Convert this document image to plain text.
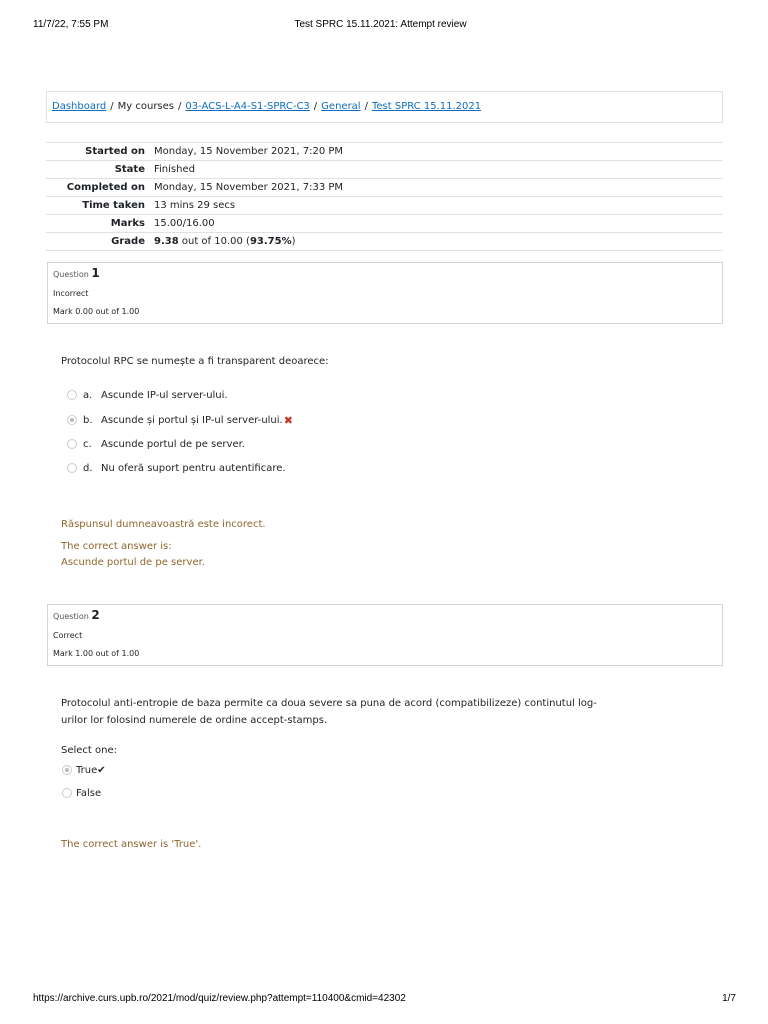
11/7/22, 7:55 PM	Test SPRC 15.11.2021: Attempt review
Dashboard / My courses / 03-ACS-L-A4-S1-SPRC-C3 / General / Test SPRC 15.11.2021
Started on	Monday, 15 November 2021, 7:20 PM
State	Finished
Completed on	Monday, 15 November 2021, 7:33 PM
Time taken	13 mins 29 secs
Marks	15.00/16.00
Grade	9.38 out of 10.00 (93.75%)
Question 1
Incorrect
Mark 0.00 out of 1.00
Protocolul RPC se numește a fi transparent deoarece:
a. Ascunde IP-ul server-ului.
b. Ascunde și portul și IP-ul server-ului. ✖
c. Ascunde portul de pe server.
d. Nu oferă suport pentru autentificare.
Răspunsul dumneavoastră este incorect.
The correct answer is:
Ascunde portul de pe server.
Question 2
Correct
Mark 1.00 out of 1.00
Protocolul anti-entropie de baza permite ca doua severe sa puna de acord (compatibilizeze) continutul log-
urilor lor folosind numerele de ordine accept-stamps.
Select one:
True ✔
False
The correct answer is 'True'.
https://archive.curs.upb.ro/2021/mod/quiz/review.php?attempt=110400&cmid=42302	1/7
